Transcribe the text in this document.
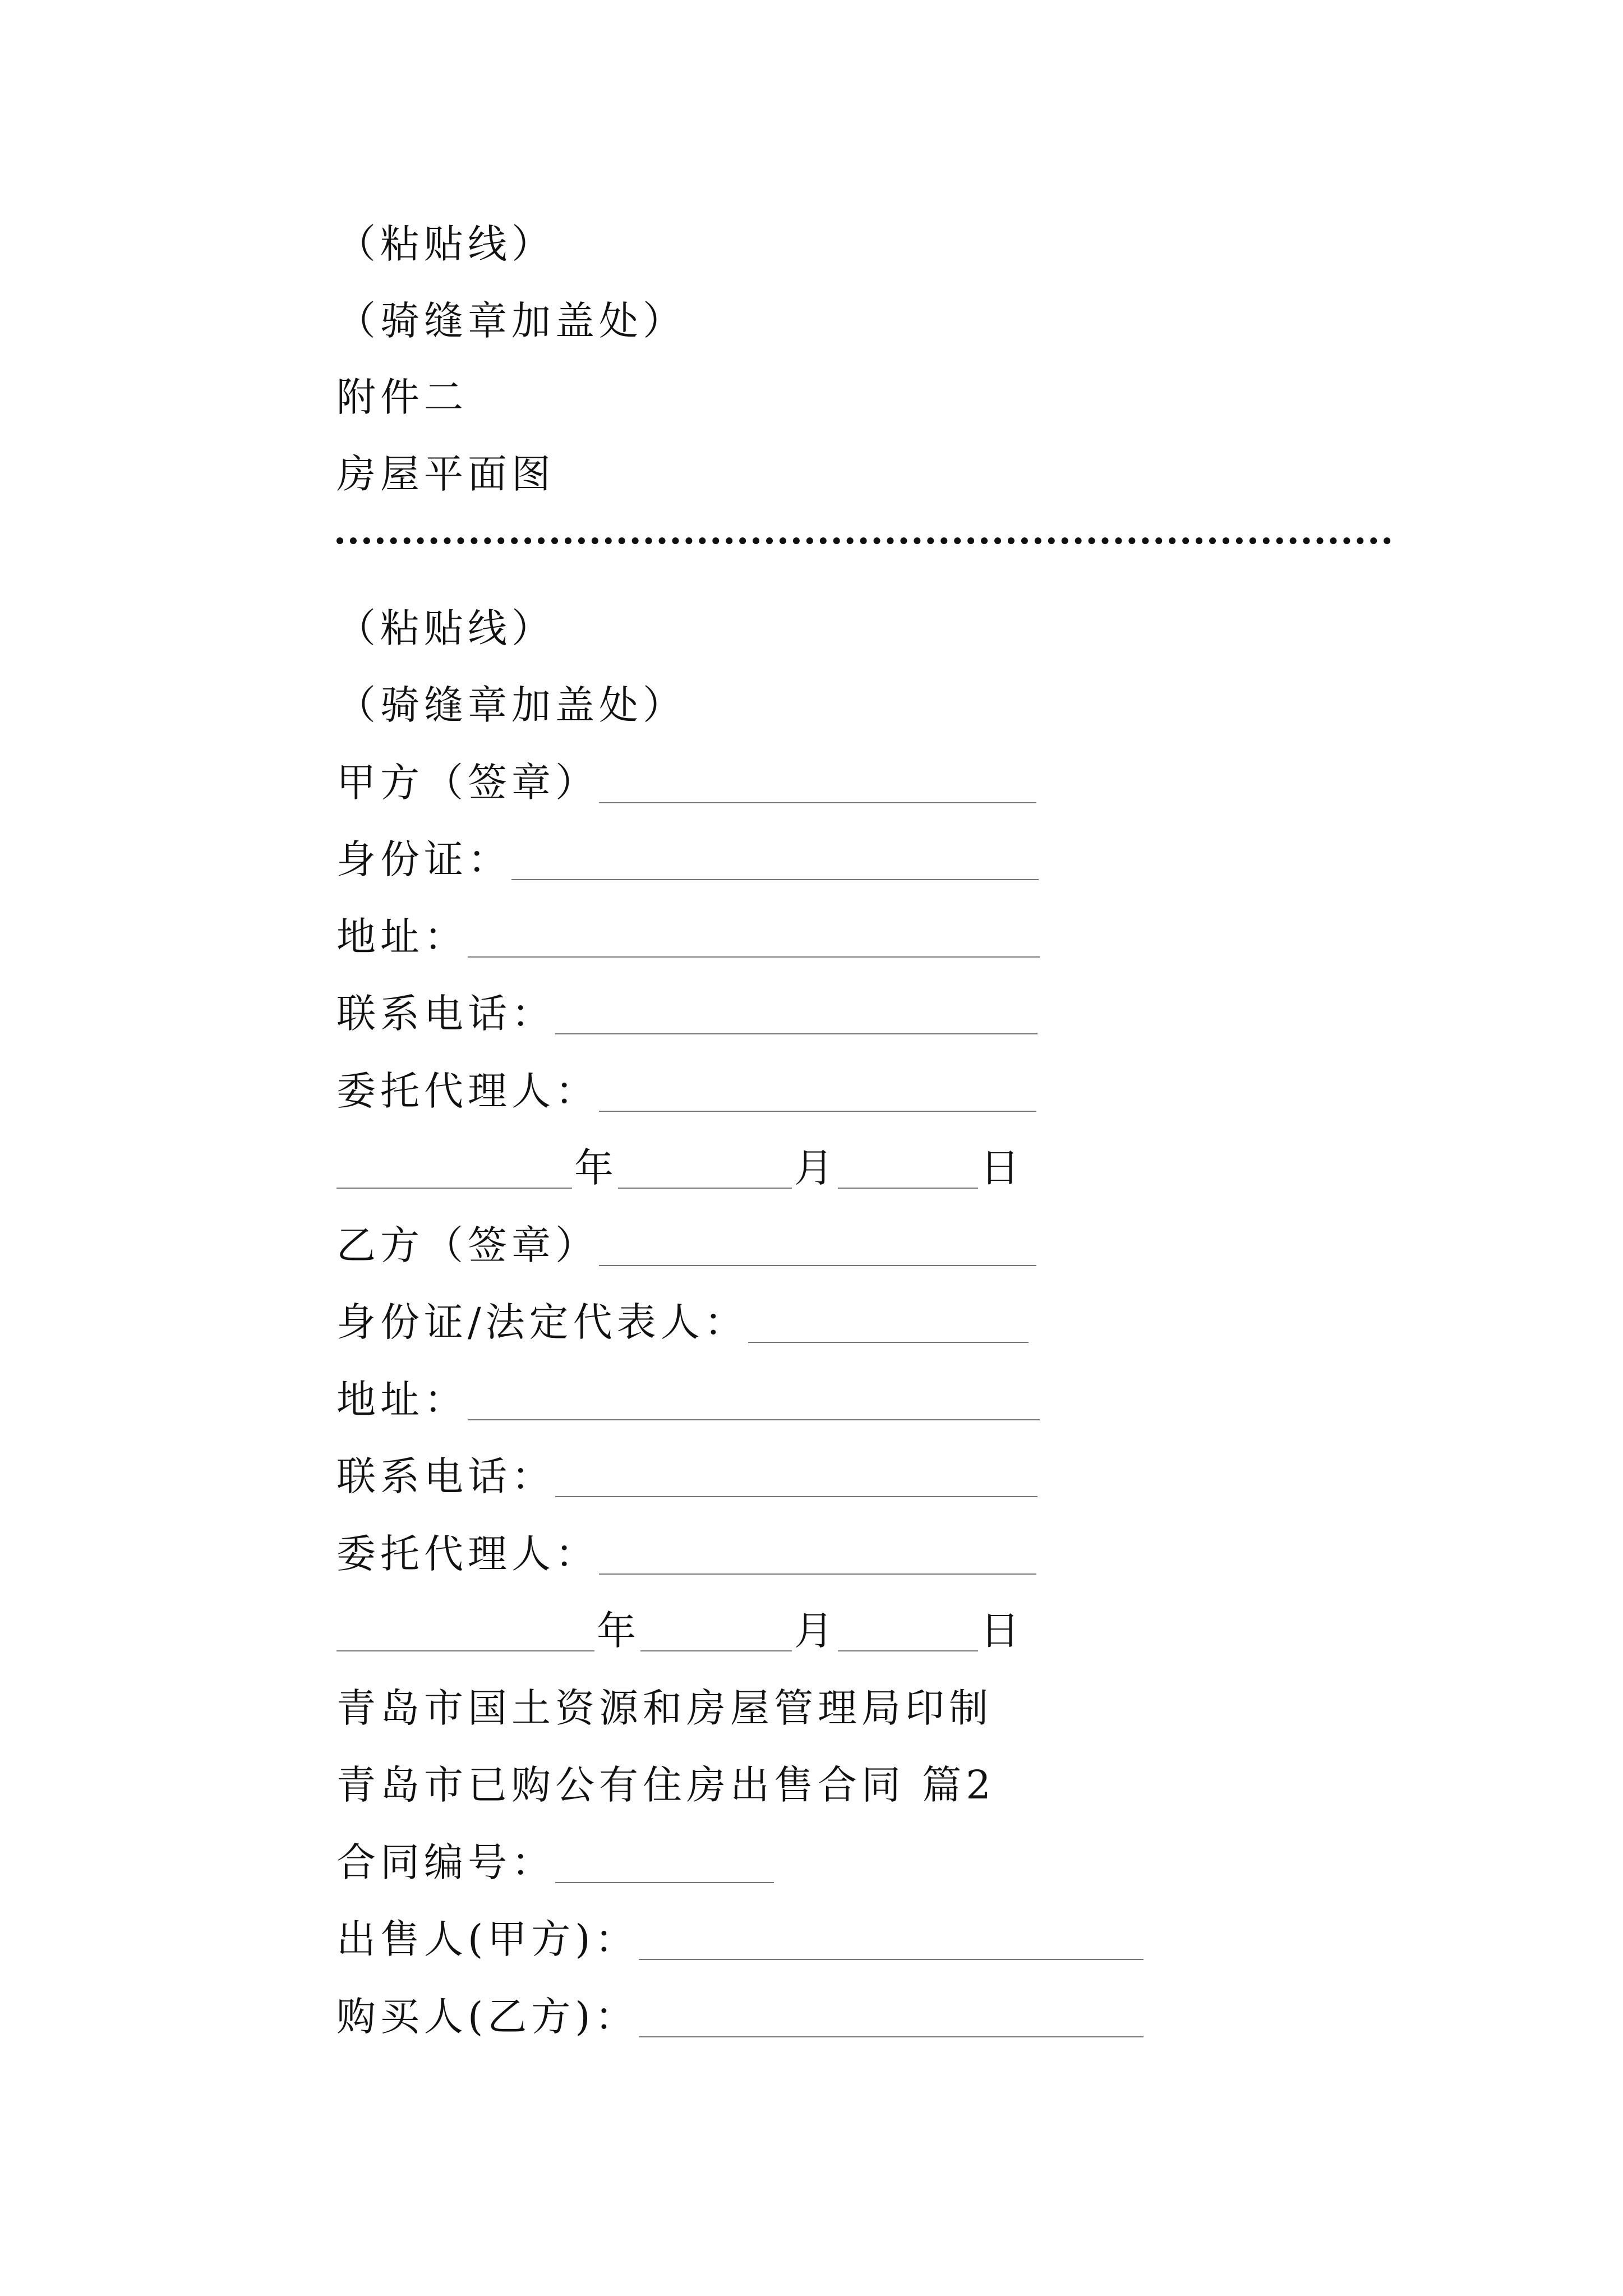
（粘贴线）
（骑缝章加盖处）
附件二
房屋平面图
（粘贴线）
（骑缝章加盖处）
甲方（签章）
身份证：
地址：
联系电话：
委托代理人：
年	月	日
乙方（签章）
身份证/法定代表人：
地址：
联系电话：
委托代理人：
年	月	日
青岛市国土资源和房屋管理局印制
青岛市已购公有住房出售合同 篇2
合同编号：
出售人(甲方)：
购买人(乙方)：
